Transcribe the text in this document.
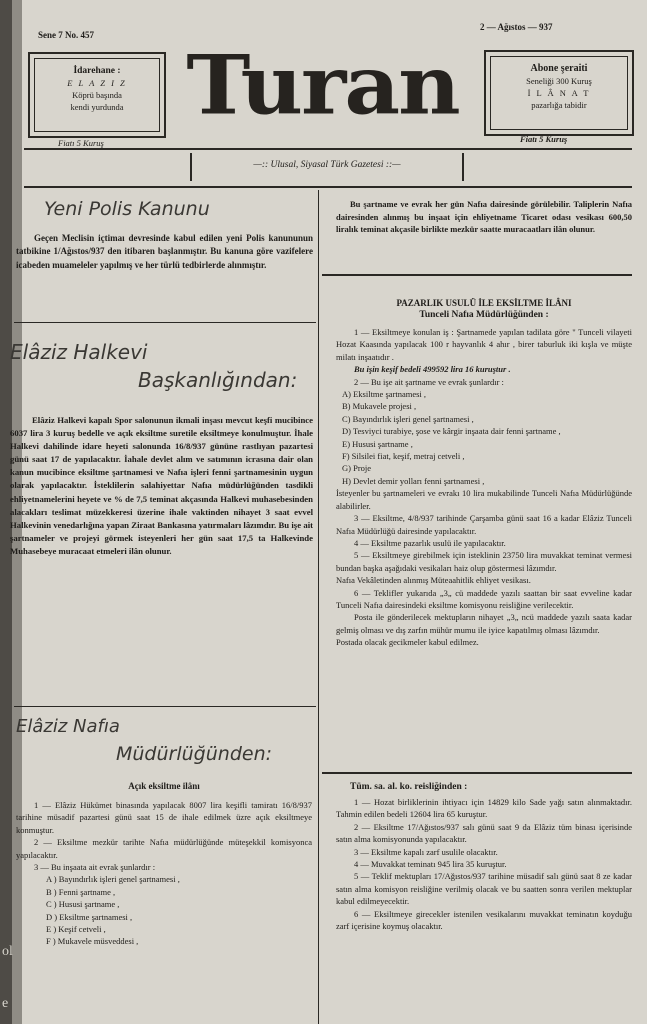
Sene 7 No. 457
2 — Ağıstos — 937
İdarehane :
E L A Z I Z
Köprü başında
kendi yurdunda
Fiatı 5 Kuruş
Turan	Abone şeraiti
Seneliği 300 Kuruş
İ L Â N A T
pazarlığa tabidir
Fiatı 5 Kuruş
—:: Ulusal, Siyasal Türk Gazetesi ::—
Yeni Polis Kanunu

Geçen Meclisin içtimaı devresinde kabul edilen yeni Polis kanununun tatbikine 1/Ağıstos/937 den itibaren başlanmıştır. Bu kanuna göre vazifelere icabeden muameleler yapılmış ve her türlü tedbirlerde alınmıştır.

Elâziz Halkevi
Başkanlığından:

Elâziz Halkevi kapalı Spor salonunun ikmali inşası mevcut keşfi mucibince 6037 lira 3 kuruş bedelle ve açık eksiltme suretile eksiltmeye konulmuştur. İhale Halkevi dahilinde idare heyeti salonunda 16/8/937 gününe rastlıyan pazartesi günü saat 17 de yapılacaktır. İahale devlet alım ve satımının icrasına dair olan kanun mucibince eksiltme şartnamesi ve Nafıa işleri fenni şartnamesinin uygun olarak yapılacaktır. İsteklilerin salahiyettar Nafıa müdürlüğünden tasdikli ehliyetnamelerini heyete ve % de 7,5 teminat akçasında Halkevi muhasebesinden alacakları teslimat müzekkeresi üzerine ihale vaktinden nihayet 3 saat evvel Halkevinin venedarlığına yapan Ziraat Bankasına yatırmaları lâzımdır. Bu işe ait şartnameler ve projeyi görmek isteyenleri her gün saat 17,5 ta Halkevinde Muhasebeye muracaat etmeleri ilân olunur.

Elâziz Nafıa
Müdürlüğünden:
Açık eksiltme ilânı

1 — Elâziz Hükümet binasında yapılacak 8007 lira keşifli tamiratı 16/8/937 tarihine müsadif pazartesi günü saat 15 de ihale edilmek üzre açık eksiltmeye konmuştur.

2 — Eksiltme mezkür tarihte Nafıa müdürlüğünde müteşekkil komisyonca yapılacaktır.

3 — Bu inşaata ait evrak şunlardır :

A ) Bayındırlık işleri genel şartnamesi ,

B ) Fenni şartname ,

C ) Hususi şartname ,

D ) Eksiltme şartnamesi ,

E ) Keşif cetveli ,

F ) Mukavele müsveddesi ,

ol
e

Bu şartname ve evrak her gün Nafıa dairesinde görülebilir. Taliplerin Nafıa dairesinden alınmış bu inşaat için ehliyetname Ticaret odası vesikası 600,50 liralık teminat akçasile birlikte mezkür saatte muracaatları ilân olunur.

PAZARLIK USULÜ İLE EKSİLTME İLÂNI
Tunceli Nafıa Müdürlüğünden :

1 — Eksiltmeye konulan iş : Şartnamede yapılan tadilata göre " Tunceli vilayeti Hozat Kaasında yapılacak 100 r hayvanlık 4 ahır , birer taburluk iki kışla ve müşte milatı inşaatıdır .

Bu işin keşif bedeli 499592 lira 16 kuruştur .

2 — Bu işe ait şartname ve evrak şunlardır :

A) Eksiltme şartnamesi ,

B) Mukavele projesi ,

C) Bayındırlık işleri genel şartnamesi ,

D) Tesviyci turabiye, şose ve kârgir inşaata dair fenni şartname ,

E) Hususi şartname ,

F) Silsilei fiat, keşif, metraj cetveli ,

G) Proje

H) Devlet demir yolları fenni şartnamesi ,

İsteyenler bu şartnameleri ve evrakı 10 lira mukabilinde Tunceli Nafıa Müdürlüğünde alabilirler.

3 — Eksiltme, 4/8/937 tarihinde Çarşamba günü saat 16 a kadar Elâziz Tunceli Nafıa Müdürlüğü dairesinde yapılacaktır.

4 — Eksiltme pazarlık usulü ile yapılacaktır.

5 — Eksiltmeye girebilmek için isteklinin 23750 lira muvakkat teminat vermesi bundan başka aşağıdaki vesikaları haiz olup göstermesi lâzımdır.

Nafıa Vekâletinden alınmış Müteaahitlik ehliyet vesikası.

6 — Teklifler yukarıda „3„ cü maddede yazılı saattan bir saat evveline kadar Tunceli Nafıa dairesindeki eksiltme komisyonu reisliğine verilecektir.

Posta ile gönderilecek mektupların nihayet „3„ ncü maddede yazılı saata kadar gelmiş olması ve dış zarfın mühür mumu ile iyice kapatılmış olması lâzımdır.

Postada olacak gecikmeler kabul edilmez.

Tüm. sa. al. ko. reisliğinden :

1 — Hozat birliklerinin ihtiyacı için 14829 kilo Sade yağı satın alınmaktadır. Tahmin edilen bedeli 12604 lira 65 kuruştur.

2 — Eksiltme 17/Ağıstos/937 salı günü saat 9 da Elâziz tüm binası içerisinde satın alma komisyonunda yapılacaktır.

3 — Eksiltme kapalı zarf usulile olacaktır.

4 — Muvakkat teminatı 945 lira 35 kuruştur.

5 — Teklif mektupları 17/Ağıstos/937 tarihine müsadif salı günü saat 8 ze kadar satın alma komisyon reisliğine verilmiş olacak ve bu saatten sonra verilen mektuplar kabul edilmeyecektir.

6 — Eksiltmeye girecekler istenilen vesikalarını muvakkat teminatın koyduğu zarf içerisine koymuş olacaktır.
